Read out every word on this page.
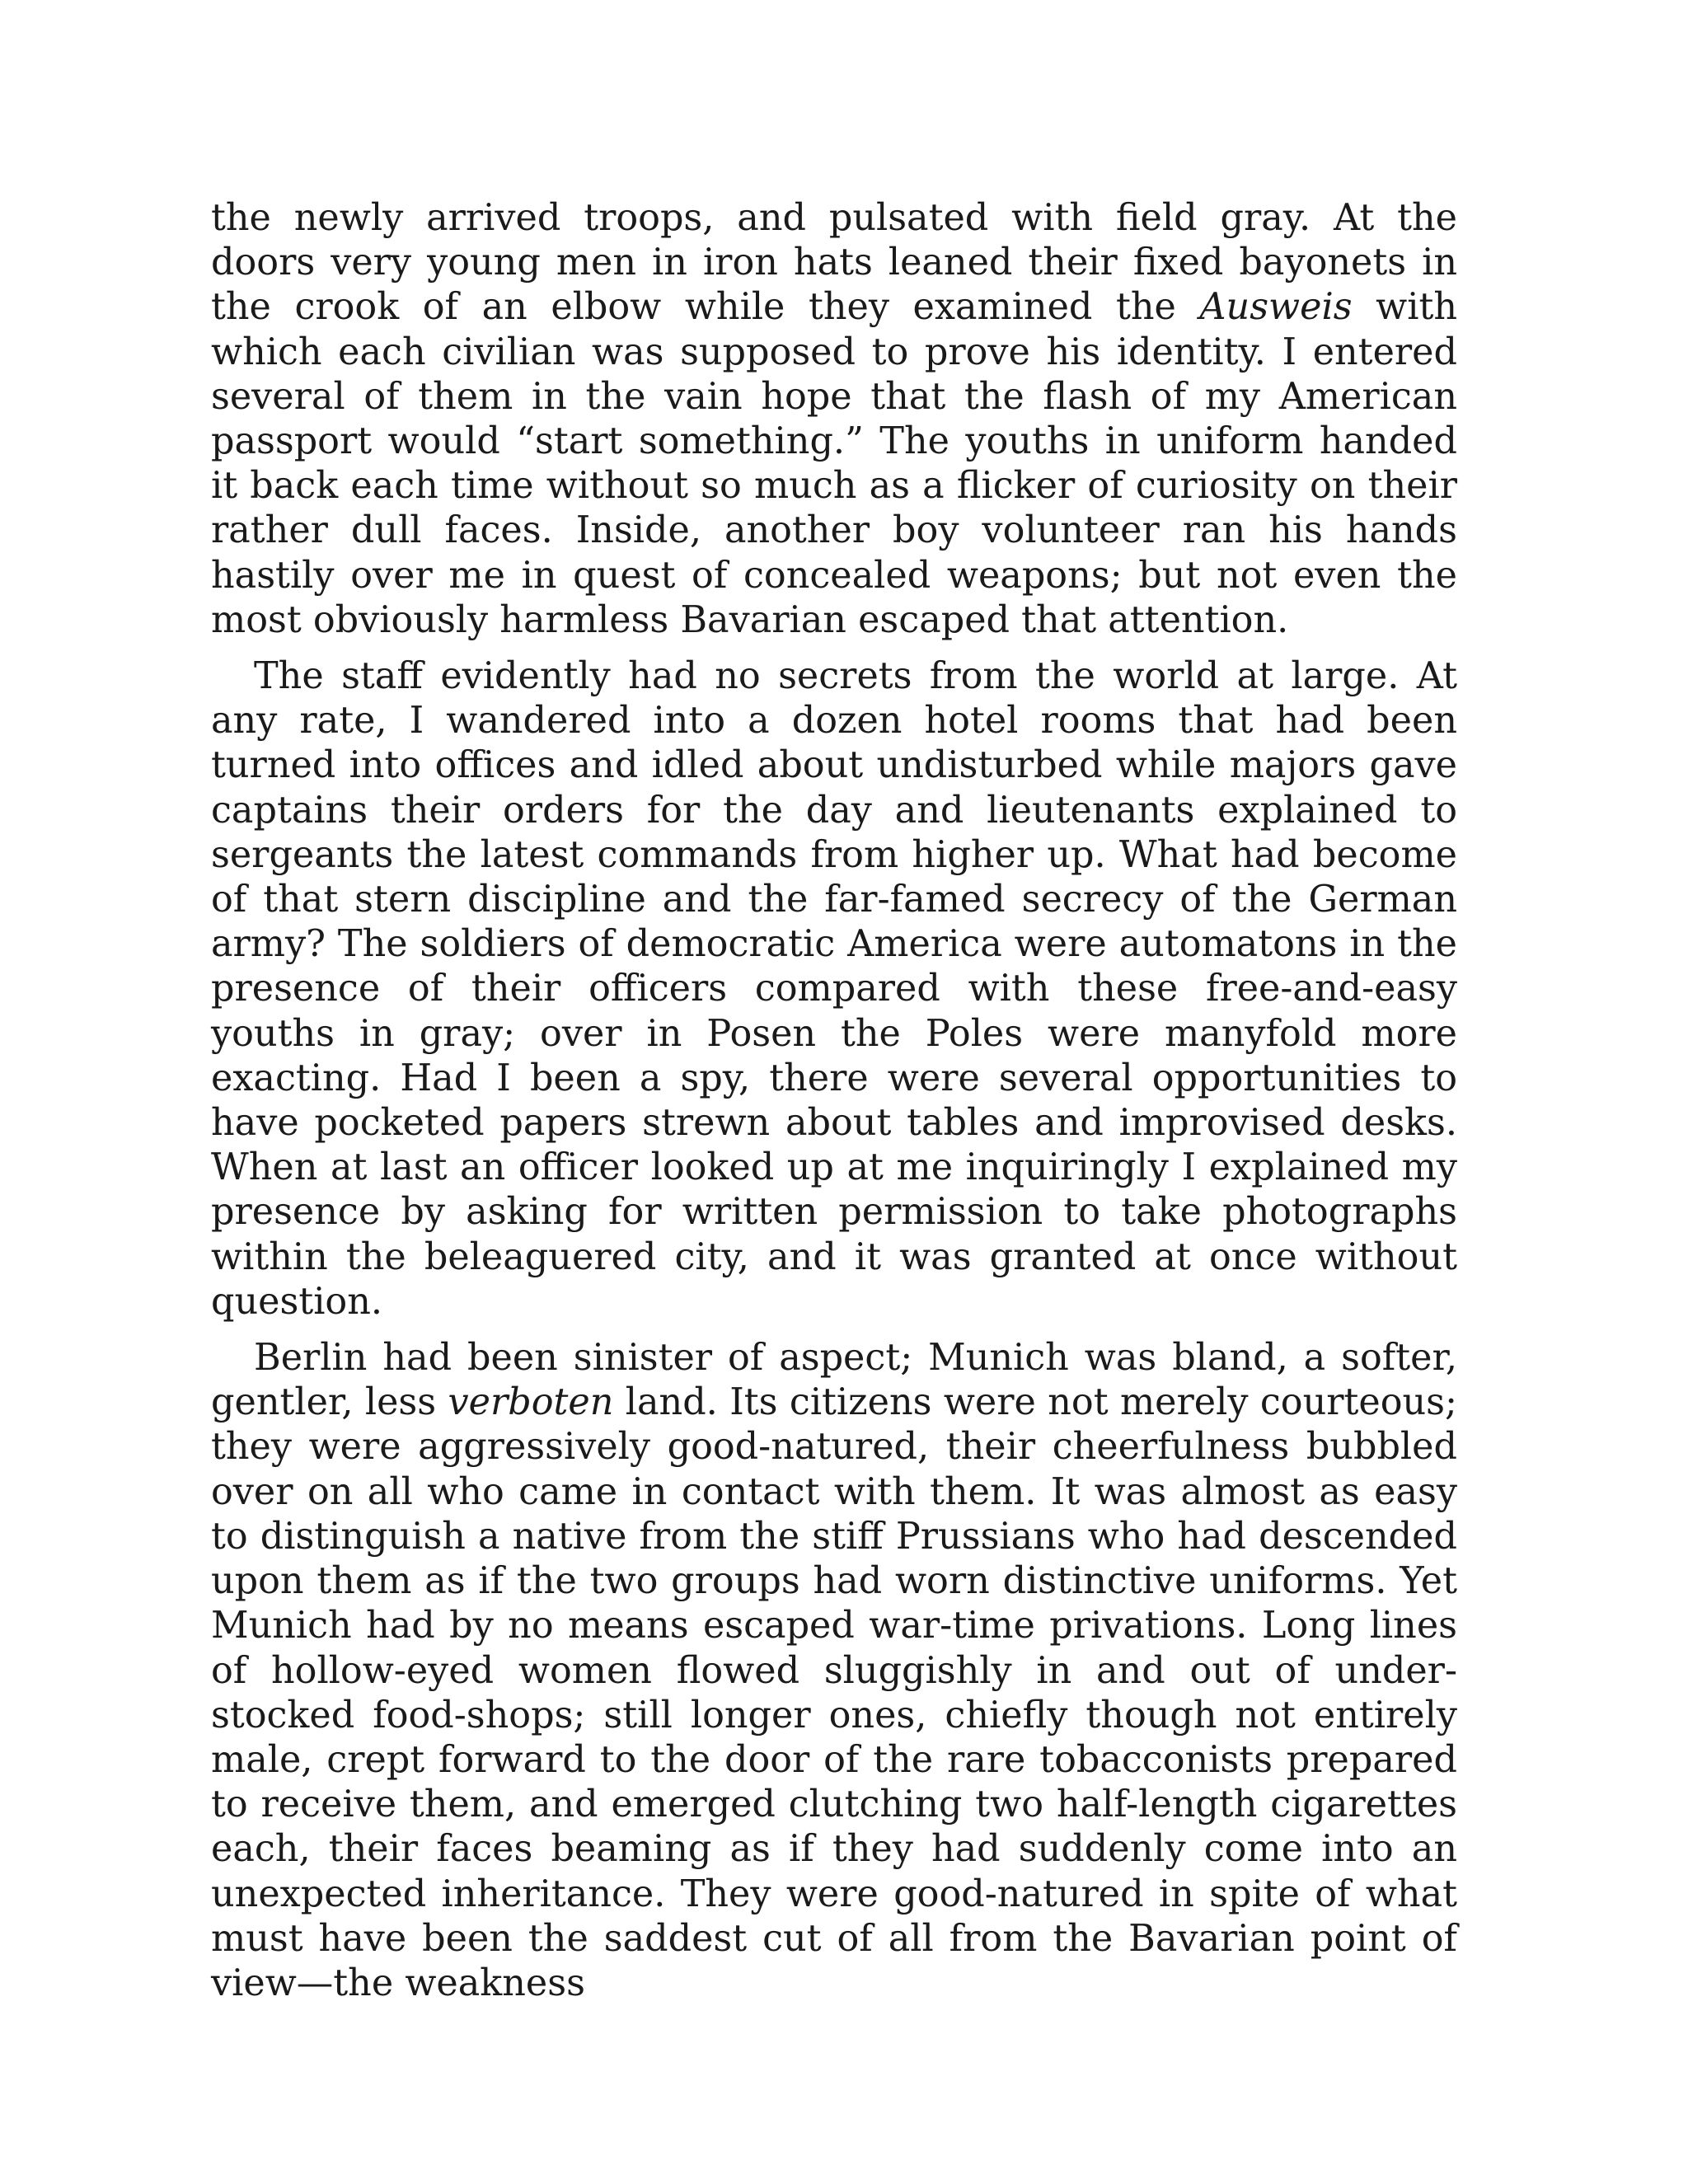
the newly arrived troops, and pulsated with field gray. At the doors very young men in iron hats leaned their fixed bayonets in the crook of an elbow while they examined the Ausweis with which each civilian was supposed to prove his identity. I entered several of them in the vain hope that the flash of my American passport would “start something.” The youths in uniform handed it back each time without so much as a flicker of curiosity on their rather dull faces. Inside, another boy volunteer ran his hands hastily over me in quest of concealed weapons; but not even the most obviously harmless Bavarian escaped that attention.

The staff evidently had no secrets from the world at large. At any rate, I wandered into a dozen hotel rooms that had been turned into offices and idled about undisturbed while majors gave captains their orders for the day and lieutenants explained to sergeants the latest commands from higher up. What had become of that stern discipline and the far-famed secrecy of the German army? The soldiers of democratic America were automatons in the presence of their officers compared with these free-and-easy youths in gray; over in Posen the Poles were manyfold more exacting. Had I been a spy, there were several opportunities to have pocketed papers strewn about tables and improvised desks. When at last an officer looked up at me inquiringly I explained my presence by asking for written permission to take photographs within the beleaguered city, and it was granted at once without question.

Berlin had been sinister of aspect; Munich was bland, a softer, gentler, less verboten land. Its citizens were not merely courteous; they were aggressively good-natured, their cheerfulness bubbled over on all who came in contact with them. It was almost as easy to distinguish a native from the stiff Prussians who had descended upon them as if the two groups had worn distinctive uniforms. Yet Munich had by no means escaped war-time privations. Long lines of hollow-eyed women flowed sluggishly in and out of under-stocked food-shops; still longer ones, chiefly though not entirely male, crept forward to the door of the rare tobacconists prepared to receive them, and emerged clutching two half-length cigarettes each, their faces beaming as if they had suddenly come into an unexpected inheritance. They were good-natured in spite of what must have been the saddest cut of all from the Bavarian point of view—the weakness
